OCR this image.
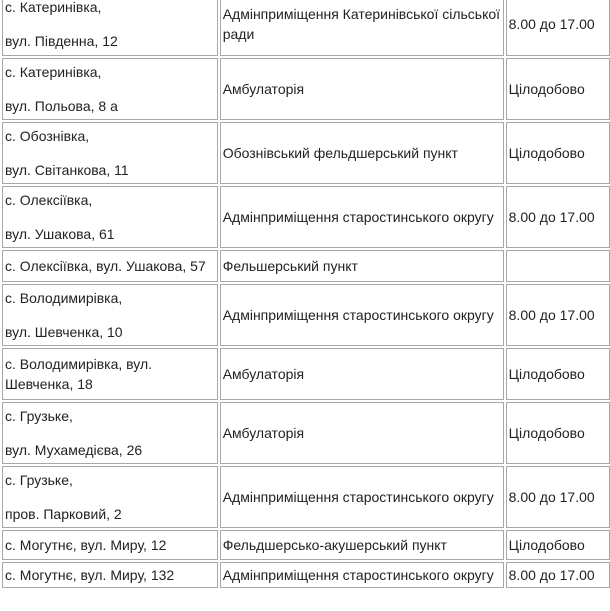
с. Катеринівка,
вул. Південна, 12	Адмінприміщення Катеринівської сільської ради	8.00 до 17.00

с. Катеринівка,
вул. Польова, 8 а	Амбулаторія	Цілодобово

с. Обознівка,
вул. Світанкова, 11	Обознівський фельдшерський пункт	Цілодобово

с. Олексіївка,
вул. Ушакова, 61	Адмінприміщення старостинського округу	8.00 до 17.00

с. Олексіївка, вул. Ушакова, 57	Фельшерський пункт	

с. Володимирівка,
вул. Шевченка, 10	Адмінприміщення старостинського округу	8.00 до 17.00

с. Володимирівка, вул.
Шевченка, 18	Амбулаторія	Цілодобово

с. Грузьке,
вул. Мухамедієва, 26	Амбулаторія	Цілодобово

с. Грузьке,
пров. Парковий, 2	Адмінприміщення старостинського округу	8.00 до 17.00

с. Могутнє, вул. Миру, 12	Фельдшерсько-акушерський пункт	Цілодобово

с. Могутнє, вул. Миру, 132	Адмінприміщення старостинського округу	8.00 до 17.00
